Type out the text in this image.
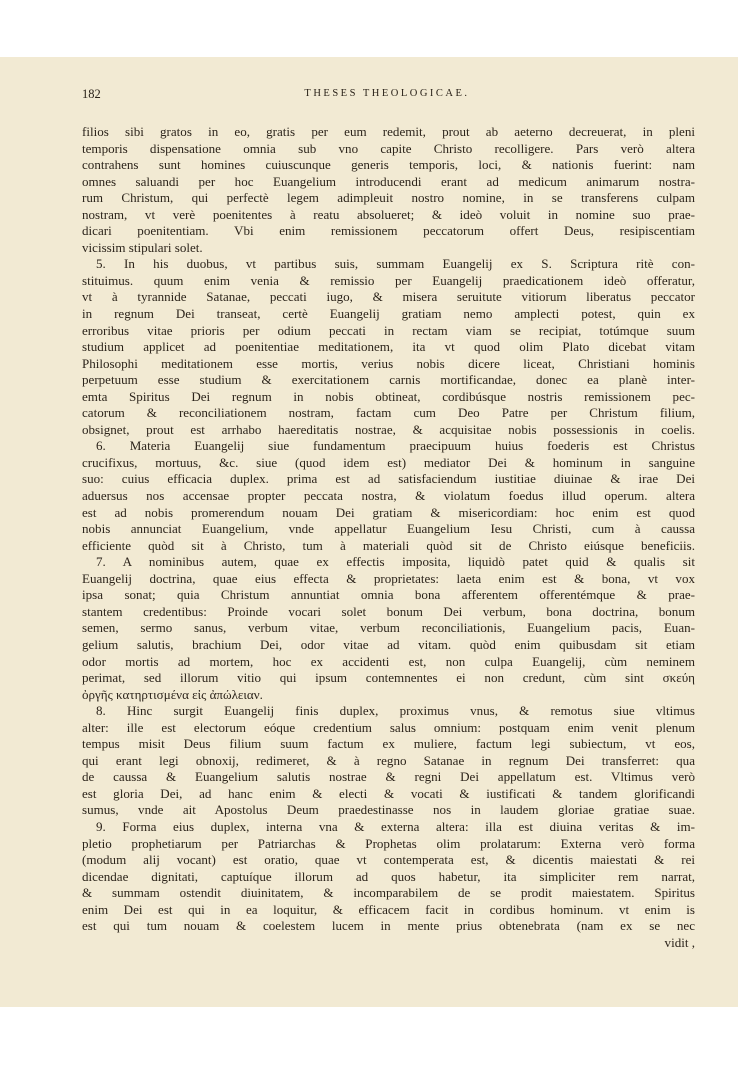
182	THESES THEOLOGICAE.
filios sibi gratos in eo, gratis per eum redemit, prout ab aeterno decreuerat, in pleni
temporis dispensatione omnia sub vno capite Christo recolligere. Pars verò altera
contrahens sunt homines cuiuscunque generis temporis, loci, & nationis fuerint: nam
omnes saluandi per hoc Euangelium introducendi erant ad medicum animarum nostra-
rum Christum, qui perfectè legem adimpleuit nostro nomine, in se transferens culpam
nostram, vt verè poenitentes à reatu absolueret; & ideò voluit in nomine suo prae-
dicari poenitentiam. Vbi enim remissionem peccatorum offert Deus, resipiscentiam
vicissim stipulari solet.
5. In his duobus, vt partibus suis, summam Euangelij ex S. Scriptura ritè con-
stituimus. quum enim venia & remissio per Euangelij praedicationem ideò offeratur,
vt à tyrannide Satanae, peccati iugo, & misera seruitute vitiorum liberatus peccator
in regnum Dei transeat, certè Euangelij gratiam nemo amplecti potest, quin ex
erroribus vitae prioris per odium peccati in rectam viam se recipiat, totúmque suum
studium applicet ad poenitentiae meditationem, ita vt quod olim Plato dicebat vitam
Philosophi meditationem esse mortis, verius nobis dicere liceat, Christiani hominis
perpetuum esse studium & exercitationem carnis mortificandae, donec ea planè inter-
emta Spiritus Dei regnum in nobis obtineat, cordibúsque nostris remissionem pec-
catorum & reconciliationem nostram, factam cum Deo Patre per Christum filium,
obsignet, prout est arrhabo haereditatis nostrae, & acquisitae nobis possessionis in coelis.
6. Materia Euangelij siue fundamentum praecipuum huius foederis est Christus
crucifixus, mortuus, &c. siue (quod idem est) mediator Dei & hominum in sanguine
suo: cuius efficacia duplex. prima est ad satisfaciendum iustitiae diuinae & irae Dei
aduersus nos accensae propter peccata nostra, & violatum foedus illud operum. altera
est ad nobis promerendum nouam Dei gratiam & misericordiam: hoc enim est quod
nobis annunciat Euangelium, vnde appellatur Euangelium Iesu Christi, cum à caussa
efficiente quòd sit à Christo, tum à materiali quòd sit de Christo eiúsque beneficiis.
7. A nominibus autem, quae ex effectis imposita, liquidò patet quid & qualis sit
Euangelij doctrina, quae eius effecta & proprietates: laeta enim est & bona, vt vox
ipsa sonat; quia Christum annuntiat omnia bona afferentem offerentémque & prae-
stantem credentibus: Proinde vocari solet bonum Dei verbum, bona doctrina, bonum
semen, sermo sanus, verbum vitae, verbum reconciliationis, Euangelium pacis, Euan-
gelium salutis, brachium Dei, odor vitae ad vitam. quòd enim quibusdam sit etiam
odor mortis ad mortem, hoc ex accidenti est, non culpa Euangelij, cùm neminem
perimat, sed illorum vitio qui ipsum contemnentes ei non credunt, cùm sint σκεύη
ὀργῆς κατηρτισμένα εἰς ἀπώλειαν.
8. Hinc surgit Euangelij finis duplex, proximus vnus, & remotus siue vltimus
alter: ille est electorum eóque credentium salus omnium: postquam enim venit plenum
tempus misit Deus filium suum factum ex muliere, factum legi subiectum, vt eos,
qui erant legi obnoxij, redimeret, & à regno Satanae in regnum Dei transferret: qua
de caussa & Euangelium salutis nostrae & regni Dei appellatum est. Vltimus verò
est gloria Dei, ad hanc enim & electi & vocati & iustificati & tandem glorificandi
sumus, vnde ait Apostolus Deum praedestinasse nos in laudem gloriae gratiae suae.
9. Forma eius duplex, interna vna & externa altera: illa est diuina veritas & im-
pletio prophetiarum per Patriarchas & Prophetas olim prolatarum: Externa verò forma
(modum alij vocant) est oratio, quae vt contemperata est, & dicentis maiestati & rei
dicendae dignitati, captuíque illorum ad quos habetur, ita simpliciter rem narrat,
& summam ostendit diuinitatem, & incomparabilem de se prodit maiestatem. Spiritus
enim Dei est qui in ea loquitur, & efficacem facit in cordibus hominum. vt enim is
est qui tum nouam & coelestem lucem in mente prius obtenebrata (nam ex se nec
vidit ,
